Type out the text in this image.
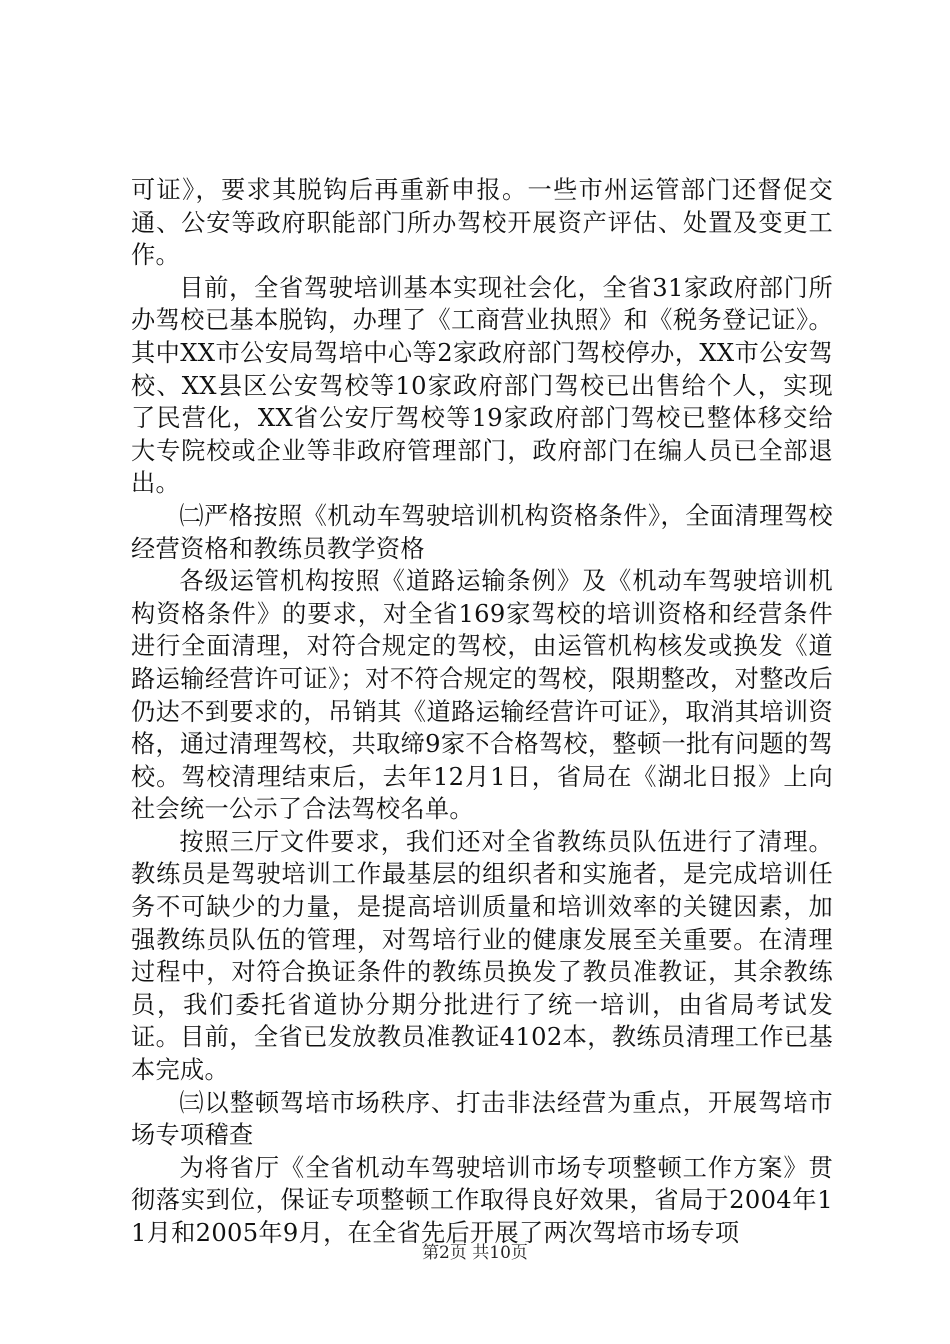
可证》，要求其脱钩后再重新申报。一些市州运管部门还督促交通、公安等政府职能部门所办驾校开展资产评估、处置及变更工作。

目前，全省驾驶培训基本实现社会化，全省31家政府部门所办驾校已基本脱钩，办理了《工商营业执照》和《税务登记证》。其中XX市公安局驾培中心等2家政府部门驾校停办，XX市公安驾校、XX县区公安驾校等10家政府部门驾校已出售给个人，实现了民营化，XX省公安厅驾校等19家政府部门驾校已整体移交给大专院校或企业等非政府管理部门，政府部门在编人员已全部退出。

㈡严格按照《机动车驾驶培训机构资格条件》，全面清理驾校经营资格和教练员教学资格

各级运管机构按照《道路运输条例》及《机动车驾驶培训机构资格条件》的要求，对全省169家驾校的培训资格和经营条件进行全面清理，对符合规定的驾校，由运管机构核发或换发《道路运输经营许可证》；对不符合规定的驾校，限期整改，对整改后仍达不到要求的，吊销其《道路运输经营许可证》，取消其培训资格，通过清理驾校，共取缔9家不合格驾校，整顿一批有问题的驾校。驾校清理结束后，去年12月1日，省局在《湖北日报》上向社会统一公示了合法驾校名单。

按照三厅文件要求，我们还对全省教练员队伍进行了清理。教练员是驾驶培训工作最基层的组织者和实施者，是完成培训任务不可缺少的力量，是提高培训质量和培训效率的关键因素，加强教练员队伍的管理，对驾培行业的健康发展至关重要。在清理过程中，对符合换证条件的教练员换发了教员准教证，其余教练员，我们委托省道协分期分批进行了统一培训，由省局考试发证。目前，全省已发放教员准教证4102本，教练员清理工作已基本完成。

㈢以整顿驾培市场秩序、打击非法经营为重点，开展驾培市场专项稽查

为将省厅《全省机动车驾驶培训市场专项整顿工作方案》贯彻落实到位，保证专项整顿工作取得良好效果，省局于2004年11月和2005年9月，在全省先后开展了两次驾培市场专项

第2页 共10页
